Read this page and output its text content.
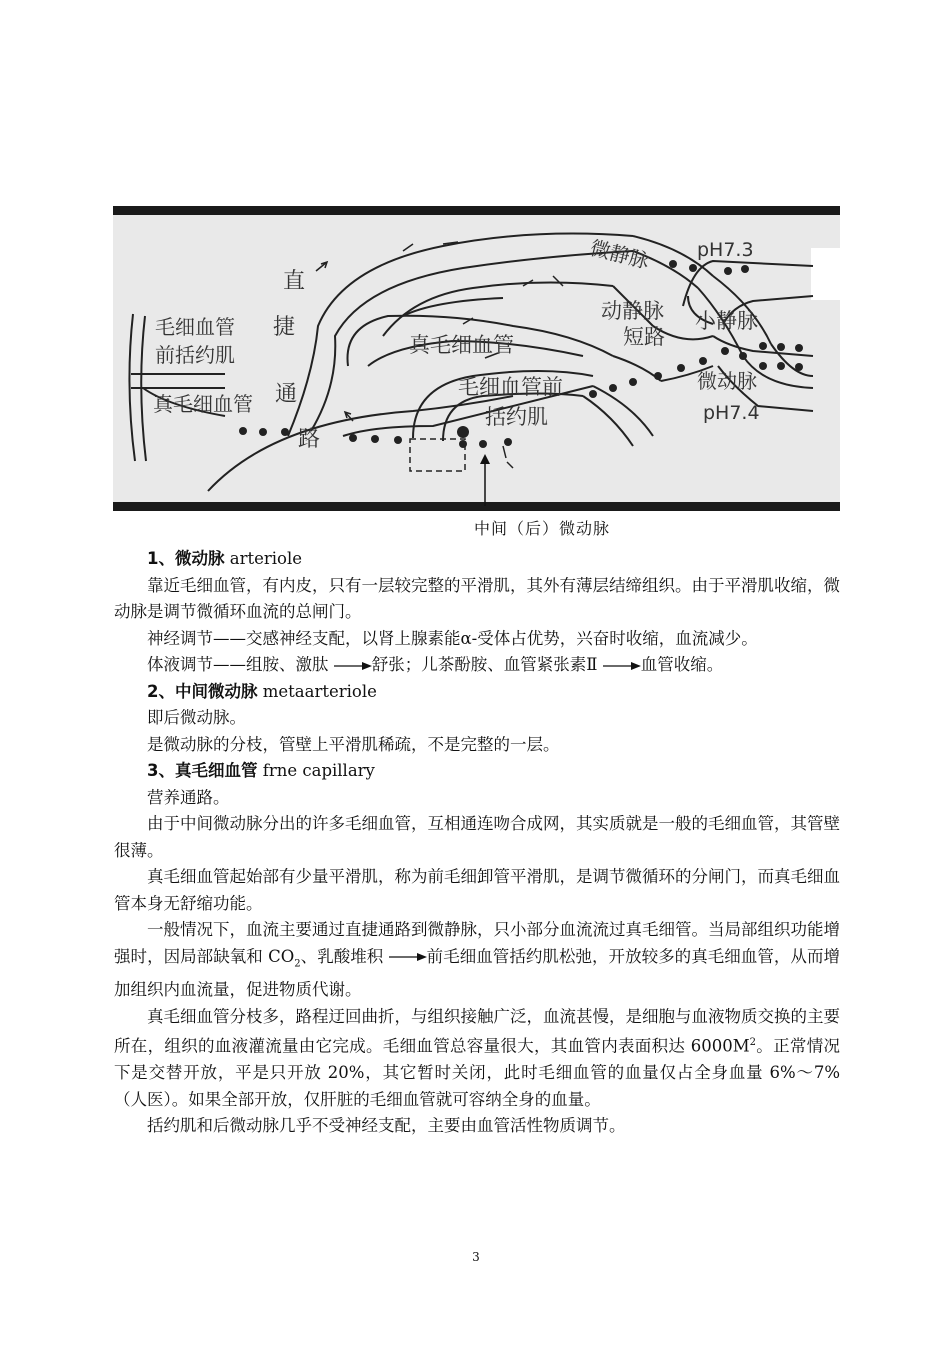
毛细血管
前括约肌
真毛细血管
直
捷
通
路
真毛细血管
毛细血管前
括约肌
微静脉 pH7.3
动静脉
短路
小静脉
微动脉
pH7.4
中间（后）微动脉

1、微动脉 arteriole

靠近毛细血管，有内皮，只有一层较完整的平滑肌，其外有薄层结缔组织。由于平滑肌收缩，微动脉是调节微循环血流的总闸门。

神经调节——交感神经支配，以肾上腺素能α-受体占优势，兴奋时收缩，血流减少。

体液调节——组胺、激肽	舒张；儿茶酚胺、血管紧张素Ⅱ	血管收缩。

2、中间微动脉 metaarteriole

即后微动脉。

是微动脉的分枝，管壁上平滑肌稀疏，不是完整的一层。

3、真毛细血管 frne capillary

营养通路。

由于中间微动脉分出的许多毛细血管，互相通连吻合成网，其实质就是一般的毛细血管，其管壁很薄。

真毛细血管起始部有少量平滑肌，称为前毛细卸管平滑肌，是调节微循环的分闸门，而真毛细血管本身无舒缩功能。

一般情况下，血流主要通过直捷通路到微静脉，只小部分血流流过真毛细管。当局部组织功能增强时，因局部缺氧和 $CO_2$、乳酸堆积	前毛细血管括约肌松弛，开放较多的真毛细血管，从而增加组织内血流量，促进物质代谢。

真毛细血管分枝多，路程迂回曲折，与组织接触广泛，血流甚慢，是细胞与血液物质交换的主要所在，组织的血液灌流量由它完成。毛细血管总容量很大，其血管内表面积达 $6000M^2$。正常情况下是交替开放，平是只开放 20%，其它暂时关闭，此时毛细血管的血量仅占全身血量 6%～7%（人医）。如果全部开放，仅肝脏的毛细血管就可容纳全身的血量。

括约肌和后微动脉几乎不受神经支配，主要由血管活性物质调节。

3
